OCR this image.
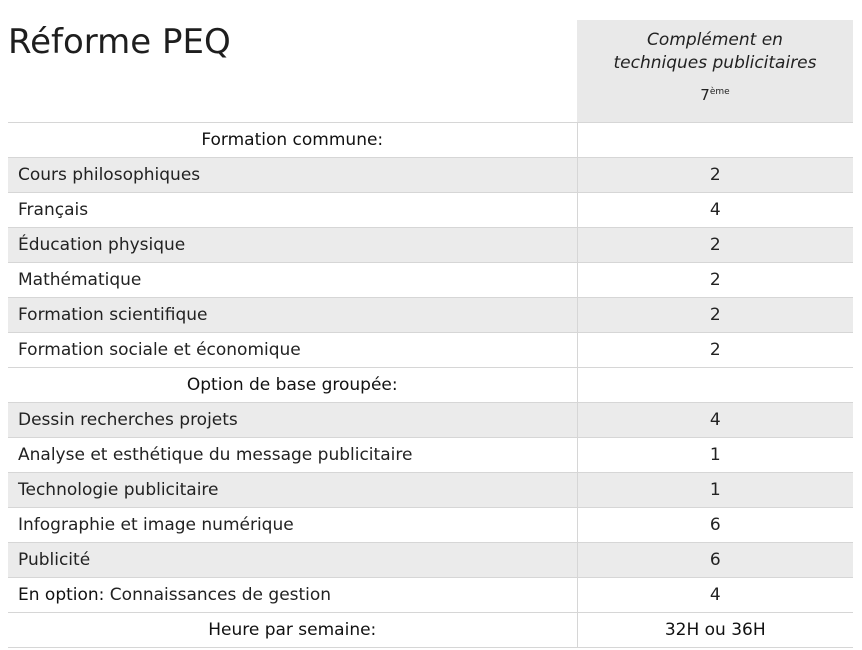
	Complément en
techniques publicitaires
7ème

Formation commune:	
Cours philosophiques	2
Français	4
Éducation physique	2
Mathématique	2
Formation scientifique	2
Formation sociale et économique	2
Option de base groupée:	
Dessin recherches projets	4
Analyse et esthétique du message publicitaire	1
Technologie publicitaire	1
Infographie et image numérique	6
Publicité	6
En option: Connaissances de gestion	4
Heure par semaine:	32H ou 36H
Réforme PEQ
